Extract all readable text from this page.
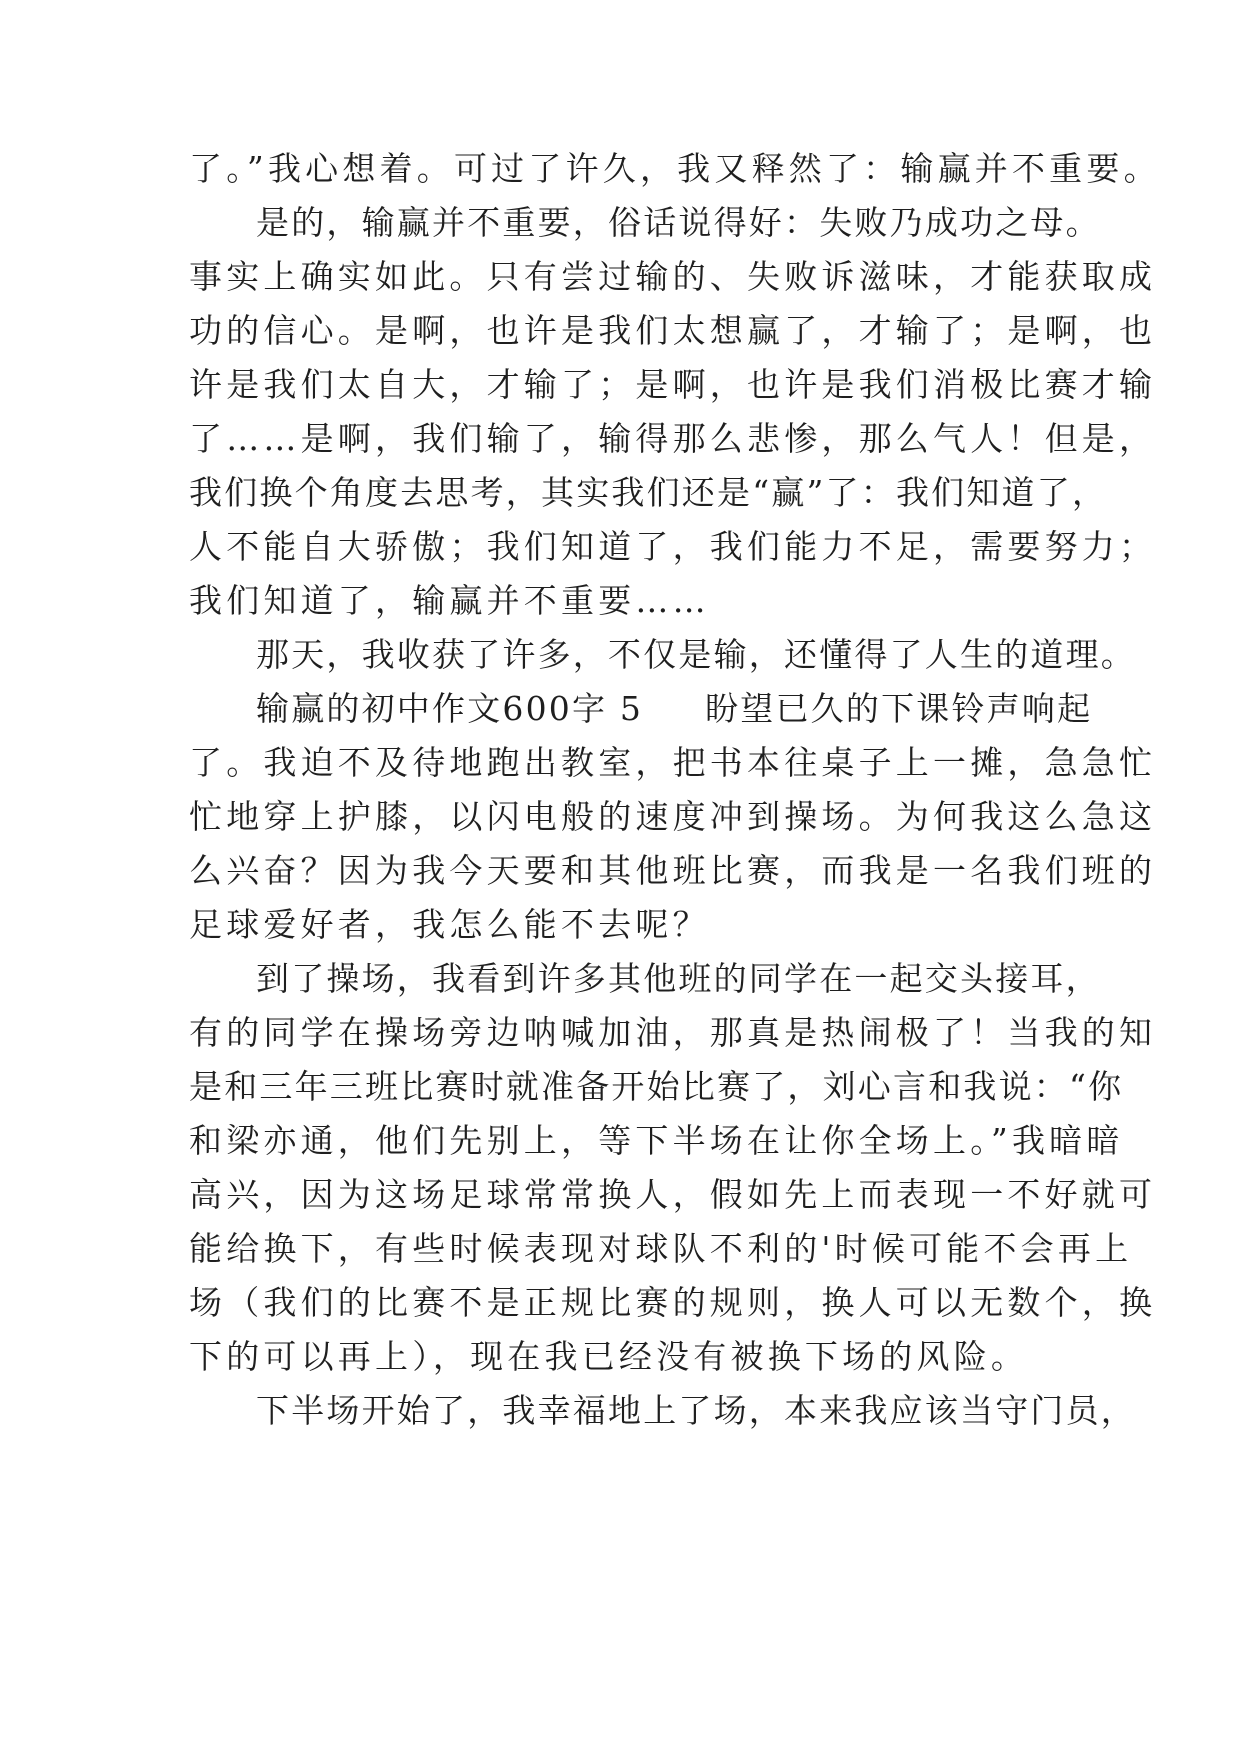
了。”我心想着。可过了许久，我又释然了：输赢并不重要。

是的，输赢并不重要，俗话说得好：失败乃成功之母。

事实上确实如此。只有尝过输的、失败诉滋味，才能获取成

功的信心。是啊，也许是我们太想赢了，才输了；是啊，也

许是我们太自大，才输了；是啊，也许是我们消极比赛才输

了……是啊，我们输了，输得那么悲惨，那么气人！但是，

我们换个角度去思考，其实我们还是“赢”了：我们知道了，

人不能自大骄傲；我们知道了，我们能力不足，需要努力；

我们知道了，输赢并不重要……

那天，我收获了许多，不仅是输，还懂得了人生的道理。

输赢的初中作文600字 5 盼望已久的下课铃声响起

了。我迫不及待地跑出教室，把书本往桌子上一摊，急急忙

忙地穿上护膝，以闪电般的速度冲到操场。为何我这么急这

么兴奋？因为我今天要和其他班比赛，而我是一名我们班的

足球爱好者，我怎么能不去呢？

到了操场，我看到许多其他班的同学在一起交头接耳，

有的同学在操场旁边呐喊加油，那真是热闹极了！当我的知

是和三年三班比赛时就准备开始比赛了，刘心言和我说：“你

和梁亦通，他们先别上，等下半场在让你全场上。”我暗暗

高兴，因为这场足球常常换人，假如先上而表现一不好就可

能给换下，有些时候表现对球队不利的'时候可能不会再上

场（我们的比赛不是正规比赛的规则，换人可以无数个，换

下的可以再上），现在我已经没有被换下场的风险。

下半场开始了，我幸福地上了场，本来我应该当守门员，
